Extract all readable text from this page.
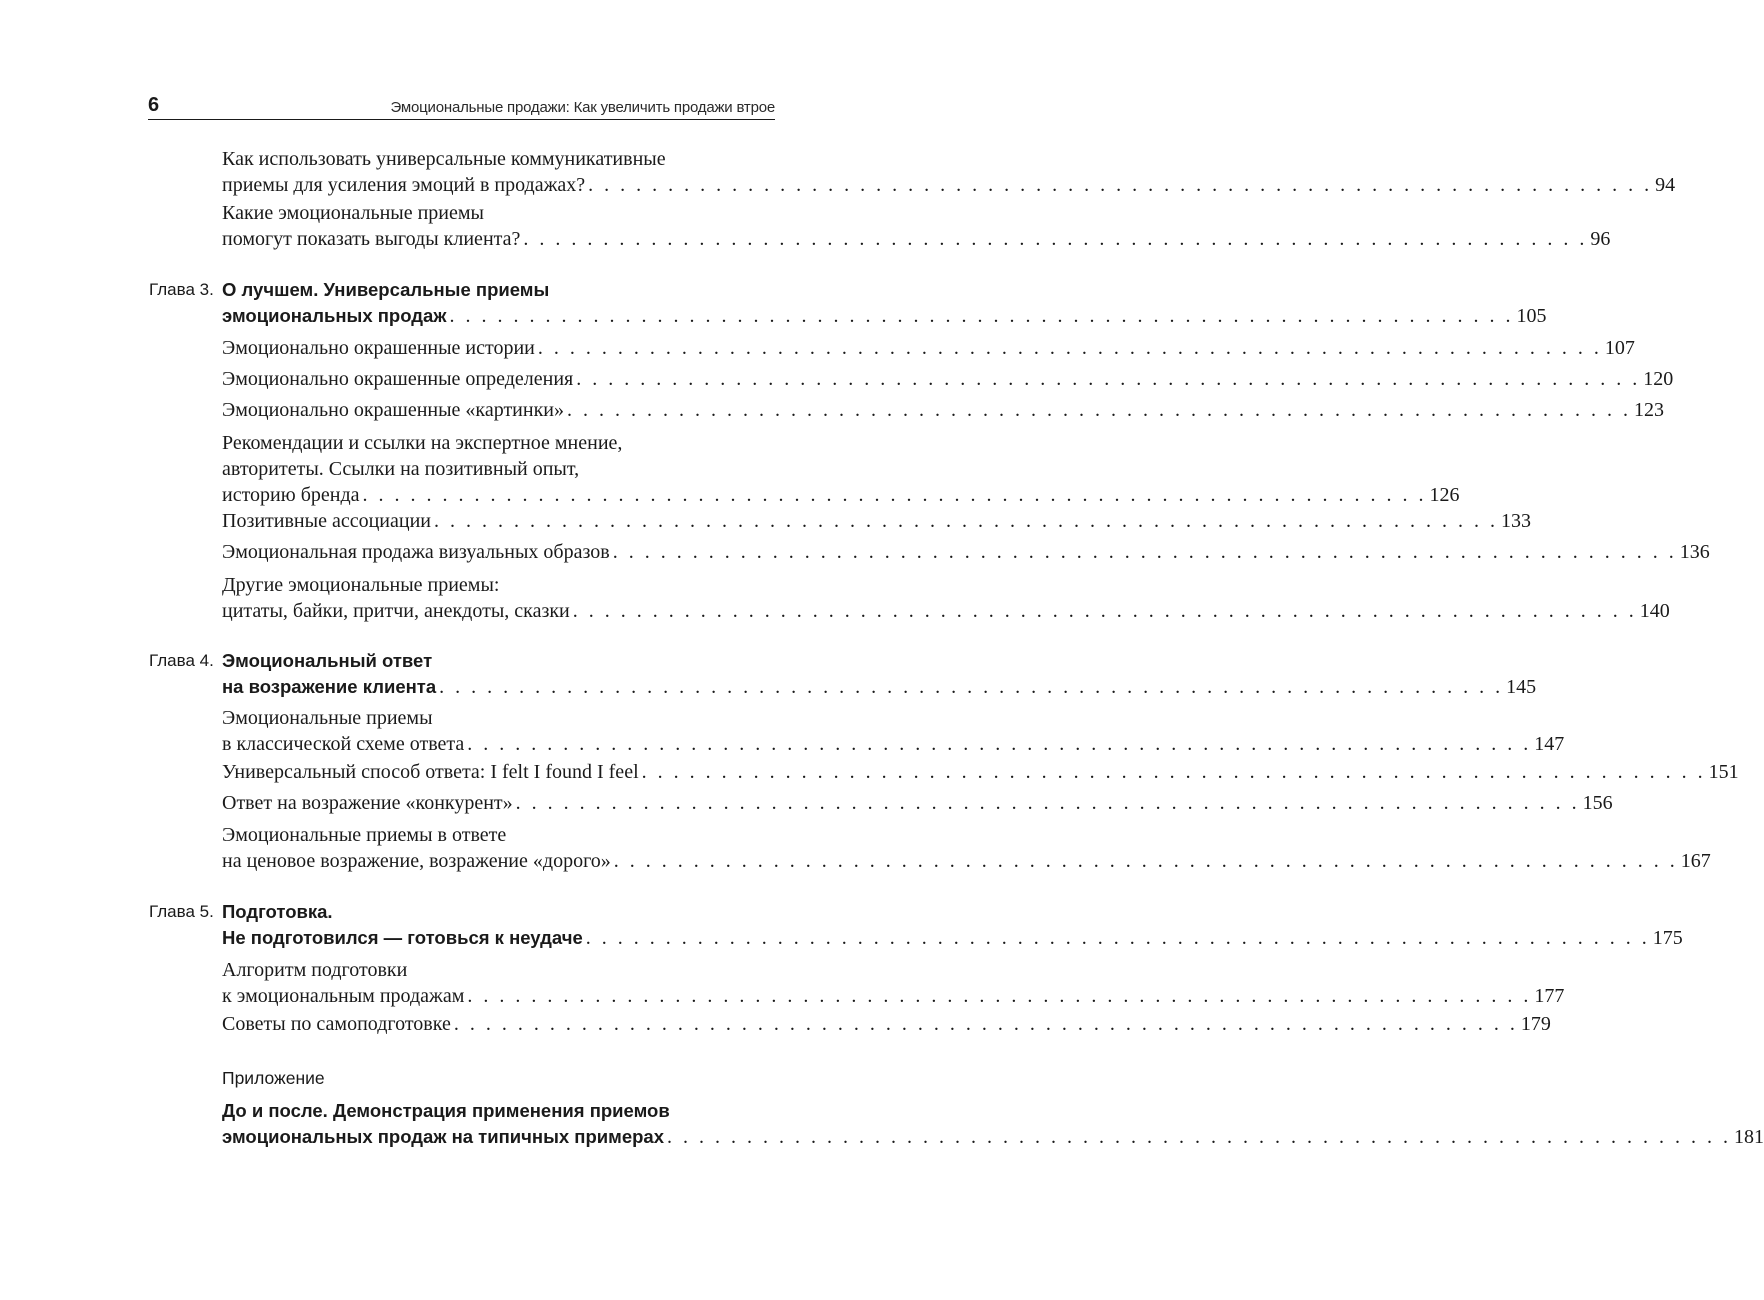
6	Эмоциональные продажи: Как увеличить продажи втрое
Как использовать универсальные коммуникативные
приемы для усиления эмоций в продажах? . . . . . . . . . . . . . . . . . . . . . . . . . . . . . . . . . . . . . . . . . . . . . . . . . . . . . . . . . . . . . . . . . . . 94
Какие эмоциональные приемы
помогут показать выгоды клиента? . . . . . . . . . . . . . . . . . . . . . . . . . . . . . . . . . . . . . . . . . . . . . . . . . . . . . . . . . . . . . . . . . . . 96
О лучшем. Универсальные приемы
эмоциональных продаж . . . . . . . . . . . . . . . . . . . . . . . . . . . . . . . . . . . . . . . . . . . . . . . . . . . . . . . . . . . . . . . . . . . 105
Глава 3.
Эмоционально окрашенные истории . . . . . . . . . . . . . . . . . . . . . . . . . . . . . . . . . . . . . . . . . . . . . . . . . . . . . . . . . . . . . . . . . . . 107
Эмоционально окрашенные определения . . . . . . . . . . . . . . . . . . . . . . . . . . . . . . . . . . . . . . . . . . . . . . . . . . . . . . . . . . . . . . . . . . . 120
Эмоционально окрашенные «картинки» . . . . . . . . . . . . . . . . . . . . . . . . . . . . . . . . . . . . . . . . . . . . . . . . . . . . . . . . . . . . . . . . . . . 123
Рекомендации и ссылки на экспертное мнение,
авторитеты. Ссылки на позитивный опыт,
историю бренда . . . . . . . . . . . . . . . . . . . . . . . . . . . . . . . . . . . . . . . . . . . . . . . . . . . . . . . . . . . . . . . . . . . 126
Позитивные ассоциации . . . . . . . . . . . . . . . . . . . . . . . . . . . . . . . . . . . . . . . . . . . . . . . . . . . . . . . . . . . . . . . . . . . 133
Эмоциональная продажа визуальных образов . . . . . . . . . . . . . . . . . . . . . . . . . . . . . . . . . . . . . . . . . . . . . . . . . . . . . . . . . . . . . . . . . . . 136
Другие эмоциональные приемы:
цитаты, байки, притчи, анекдоты, сказки . . . . . . . . . . . . . . . . . . . . . . . . . . . . . . . . . . . . . . . . . . . . . . . . . . . . . . . . . . . . . . . . . . . 140
Эмоциональный ответ
на возражение клиента . . . . . . . . . . . . . . . . . . . . . . . . . . . . . . . . . . . . . . . . . . . . . . . . . . . . . . . . . . . . . . . . . . . 145
Глава 4.
Эмоциональные приемы
в классической схеме ответа . . . . . . . . . . . . . . . . . . . . . . . . . . . . . . . . . . . . . . . . . . . . . . . . . . . . . . . . . . . . . . . . . . . 147
Универсальный способ ответа: I felt I found I feel . . . . . . . . . . . . . . . . . . . . . . . . . . . . . . . . . . . . . . . . . . . . . . . . . . . . . . . . . . . . . . . . . . . 151
Ответ на возражение «конкурент» . . . . . . . . . . . . . . . . . . . . . . . . . . . . . . . . . . . . . . . . . . . . . . . . . . . . . . . . . . . . . . . . . . . 156
Эмоциональные приемы в ответе
на ценовое возражение, возражение «дорого» . . . . . . . . . . . . . . . . . . . . . . . . . . . . . . . . . . . . . . . . . . . . . . . . . . . . . . . . . . . . . . . . . . . 167
Подготовка.
Не подготовился — готовься к неудаче . . . . . . . . . . . . . . . . . . . . . . . . . . . . . . . . . . . . . . . . . . . . . . . . . . . . . . . . . . . . . . . . . . . 175
Глава 5.
Алгоритм подготовки
к эмоциональным продажам . . . . . . . . . . . . . . . . . . . . . . . . . . . . . . . . . . . . . . . . . . . . . . . . . . . . . . . . . . . . . . . . . . . 177
Советы по самоподготовке . . . . . . . . . . . . . . . . . . . . . . . . . . . . . . . . . . . . . . . . . . . . . . . . . . . . . . . . . . . . . . . . . . . 179
Приложение
До и после. Демонстрация применения приемов
эмоциональных продаж на типичных примерах . . . . . . . . . . . . . . . . . . . . . . . . . . . . . . . . . . . . . . . . . . . . . . . . . . . . . . . . . . . . . . . . . . . 181
